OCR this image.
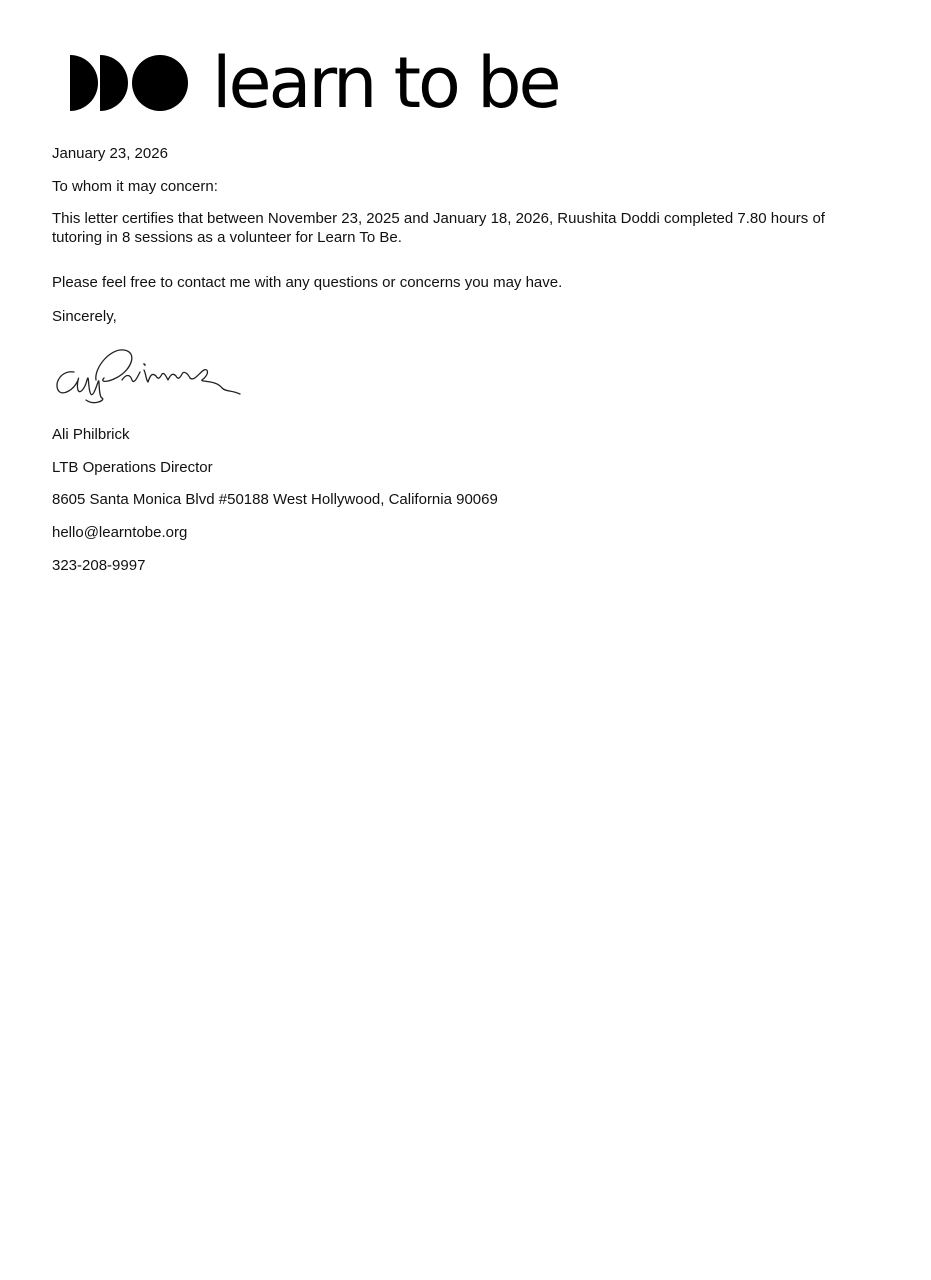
learn to be
January 23, 2026
To whom it may concern:
This letter certifies that between November 23, 2025 and January 18, 2026, Ruushita Doddi completed 7.80 hours of tutoring in 8 sessions as a volunteer for Learn To Be.
Please feel free to contact me with any questions or concerns you may have.
Sincerely,
Ali Philbrick
LTB Operations Director
8605 Santa Monica Blvd #50188 West Hollywood, California 90069
hello@learntobe.org
323-208-9997
